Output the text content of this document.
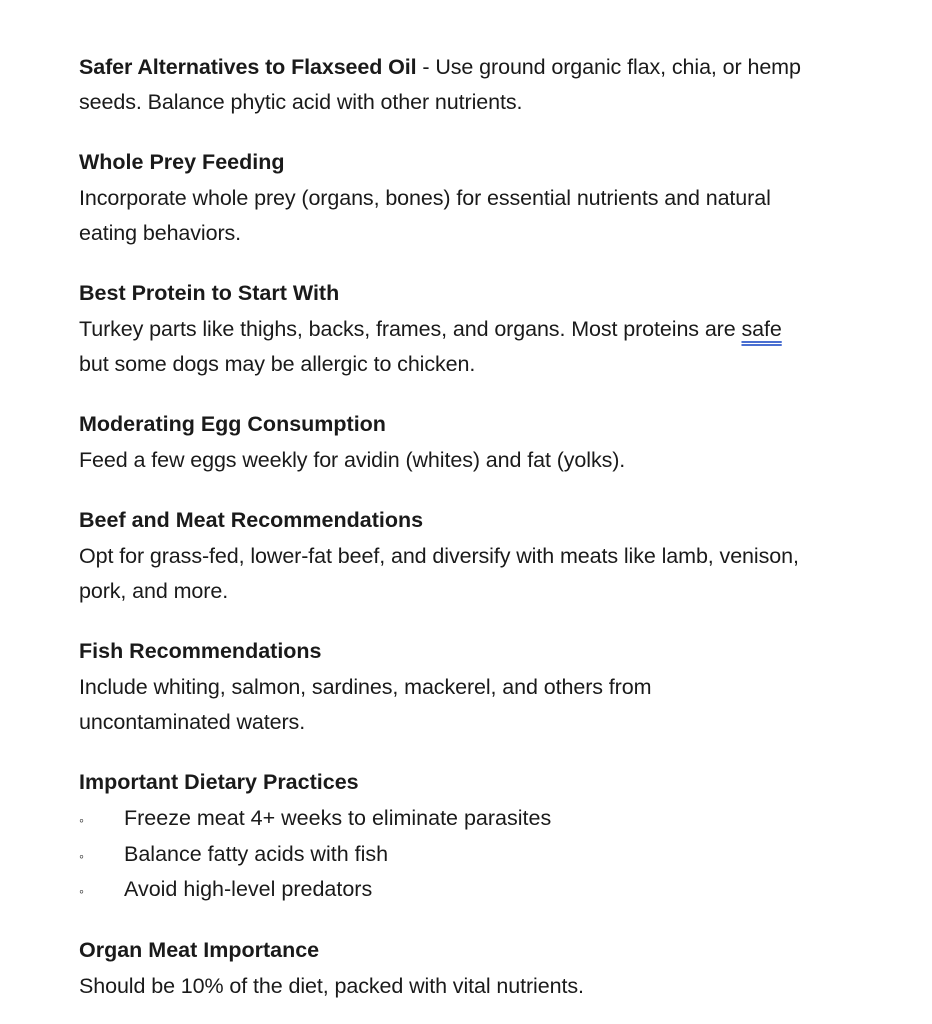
Safer Alternatives to Flaxseed Oil - Use ground organic flax, chia, or hemp

seeds. Balance phytic acid with other nutrients.

Whole Prey Feeding

Incorporate whole prey (organs, bones) for essential nutrients and natural

eating behaviors.

Best Protein to Start With

Turkey parts like thighs, backs, frames, and organs. Most proteins are safe

but some dogs may be allergic to chicken.

Moderating Egg Consumption

Feed a few eggs weekly for avidin (whites) and fat (yolks).

Beef and Meat Recommendations

Opt for grass-fed, lower-fat beef, and diversify with meats like lamb, venison,

pork, and more.

Fish Recommendations

Include whiting, salmon, sardines, mackerel, and others from

uncontaminated waters.

Important Dietary Practices

◦ Freeze meat 4+ weeks to eliminate parasites
◦ Balance fatty acids with fish
◦ Avoid high-level predators

Organ Meat Importance

Should be 10% of the diet, packed with vital nutrients.
